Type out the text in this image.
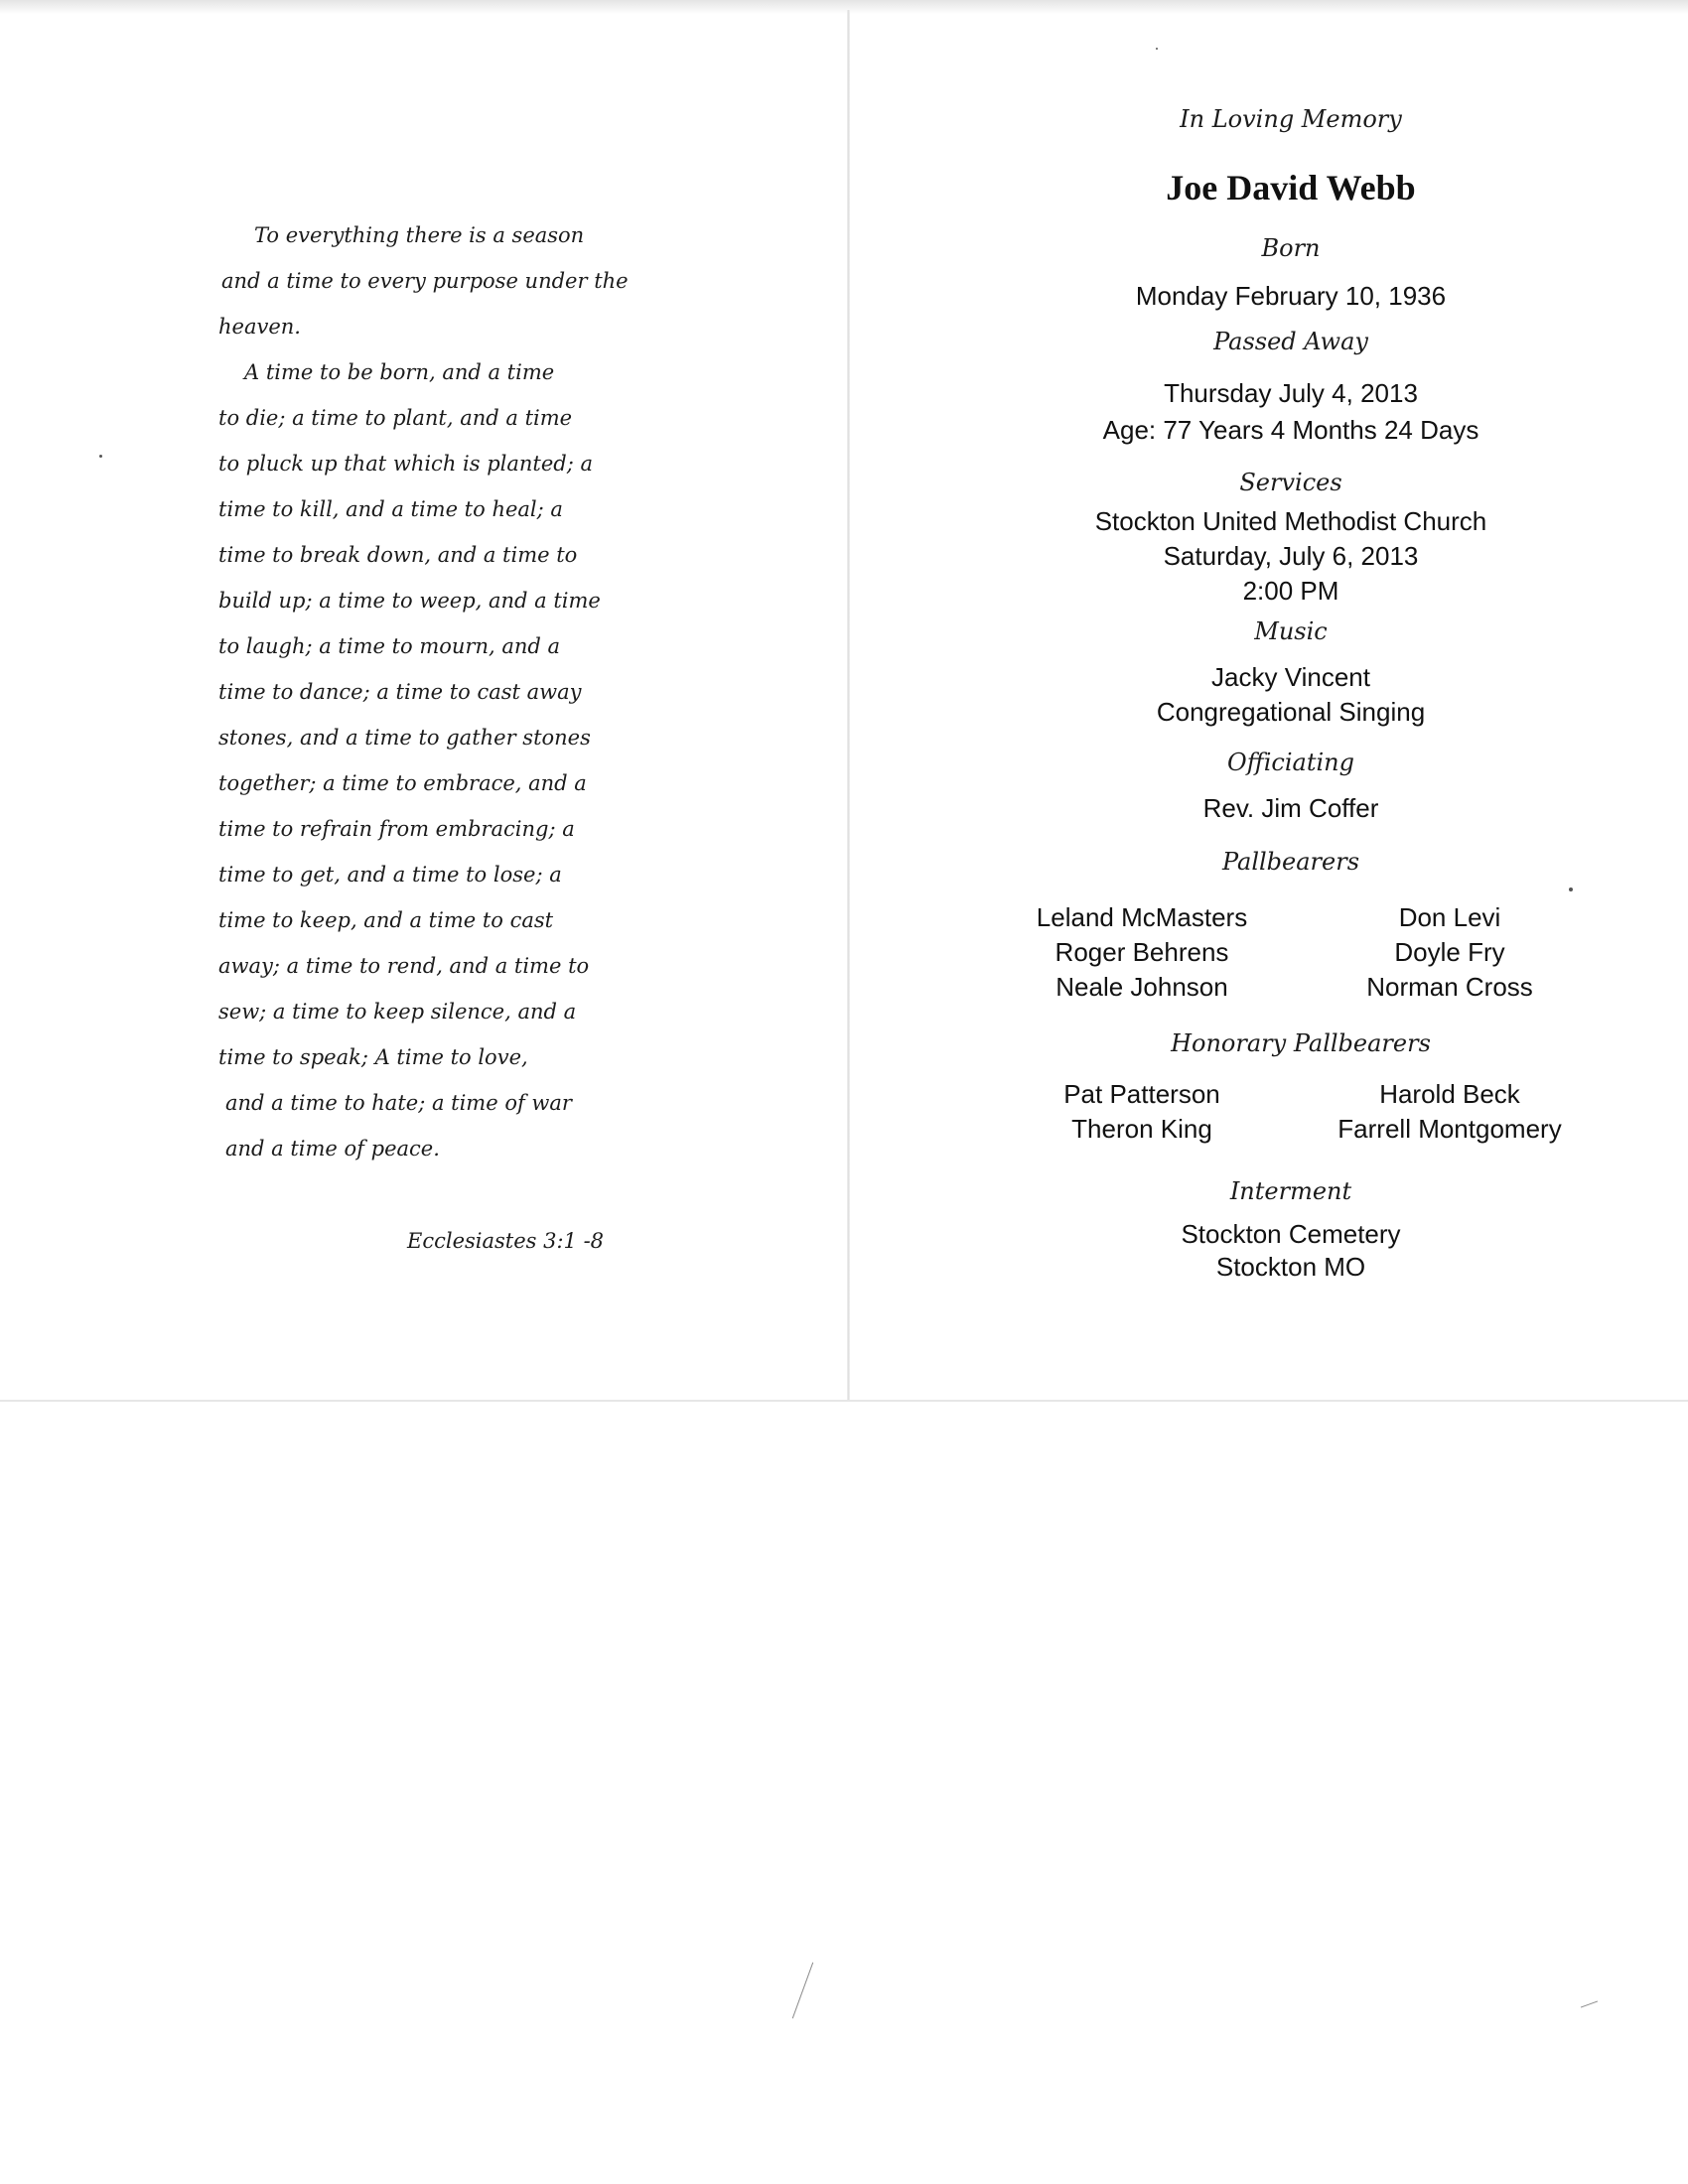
To everything there is a season
and a time to every purpose under the
heaven.
A time to be born, and a time
to die; a time to plant, and a time
to pluck up that which is planted; a
time to kill, and a time to heal; a
time to break down, and a time to
build up; a time to weep, and a time
to laugh; a time to mourn, and a
time to dance; a time to cast away
stones, and a time to gather stones
together; a time to embrace, and a
time to refrain from embracing; a
time to get, and a time to lose; a
time to keep, and a time to cast
away; a time to rend, and a time to
sew; a time to keep silence, and a
time to speak; A time to love,
and a time to hate; a time of war
and a time of peace.
Ecclesiastes 3:1 -8
In Loving Memory
Joe David Webb
Born
Monday February 10, 1936
Passed Away
Thursday July 4, 2013
Age: 77 Years 4 Months 24 Days
Services
Stockton United Methodist Church
Saturday, July 6, 2013
2:00 PM
Music
Jacky Vincent
Congregational Singing
Officiating
Rev. Jim Coffer
Pallbearers
Leland McMasters
Roger Behrens
Neale Johnson
Don Levi
Doyle Fry
Norman Cross
Honorary Pallbearers
Pat Patterson
Theron King
Harold Beck
Farrell Montgomery
Interment
Stockton Cemetery
Stockton MO
